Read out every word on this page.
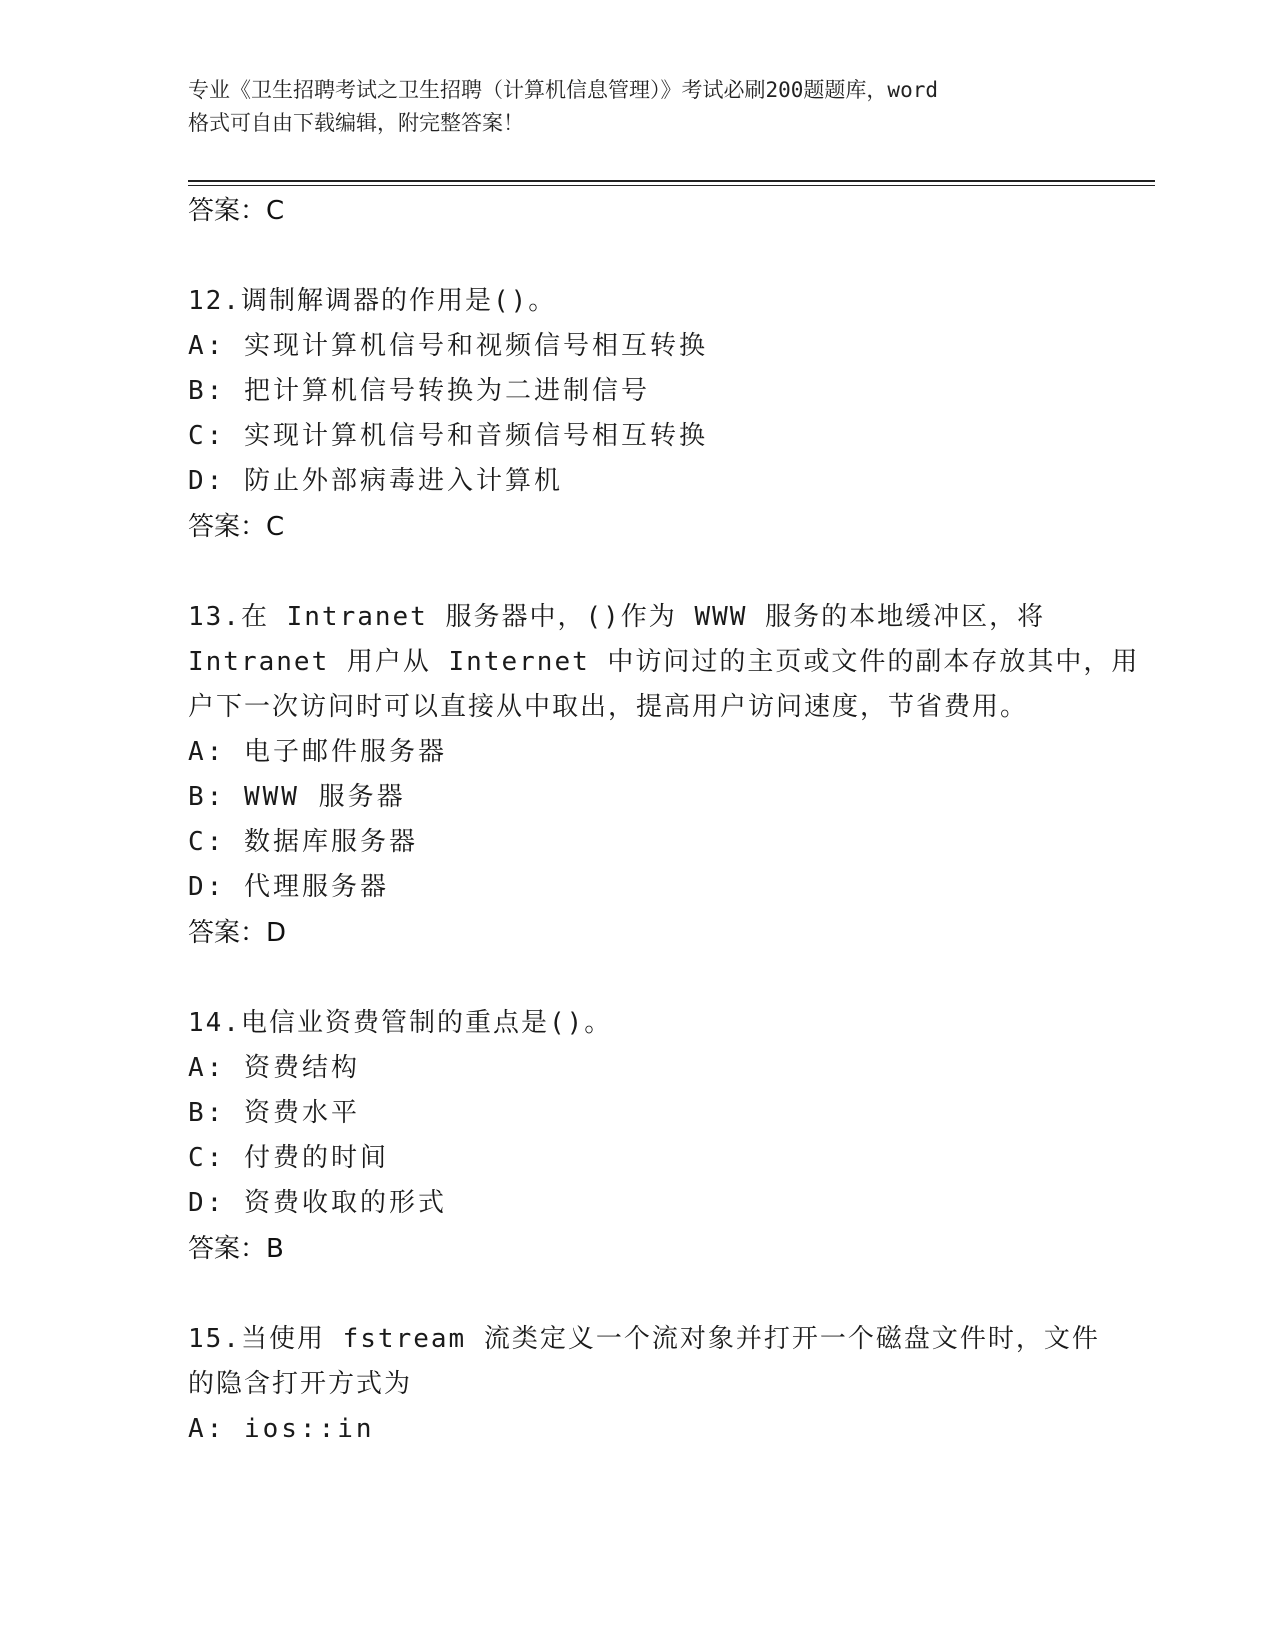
专业《卫生招聘考试之卫生招聘（计算机信息管理）》考试必刷200题题库，word
格式可自由下载编辑，附完整答案！
答案：C
12.调制解调器的作用是()。
A: 实现计算机信号和视频信号相互转换
B: 把计算机信号转换为二进制信号
C: 实现计算机信号和音频信号相互转换
D: 防止外部病毒进入计算机
答案：C
13.在 Intranet 服务器中，()作为 WWW 服务的本地缓冲区，将
Intranet 用户从 Internet 中访问过的主页或文件的副本存放其中，用
户下一次访问时可以直接从中取出，提高用户访问速度，节省费用。
A: 电子邮件服务器
B: WWW 服务器
C: 数据库服务器
D: 代理服务器
答案：D
14.电信业资费管制的重点是()。
A: 资费结构
B: 资费水平
C: 付费的时间
D: 资费收取的形式
答案：B
15.当使用 fstream 流类定义一个流对象并打开一个磁盘文件时，文件
的隐含打开方式为
A: ios::in
